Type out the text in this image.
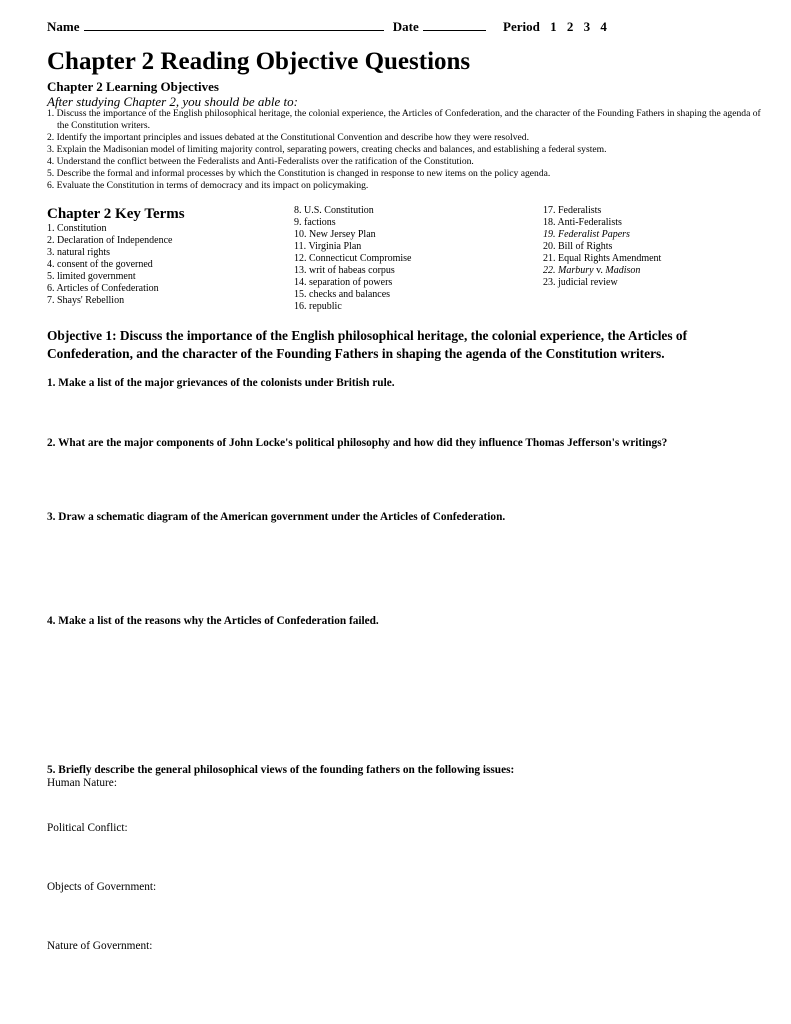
Name	Date	Period 1 2 3 4
Chapter 2 Reading Objective Questions
Chapter 2 Learning Objectives
After studying Chapter 2, you should be able to:
1. Discuss the importance of the English philosophical heritage, the colonial experience, the Articles of Confederation, and the character of the Founding Fathers in shaping the agenda of the Constitution writers.
2. Identify the important principles and issues debated at the Constitutional Convention and describe how they were resolved.
3. Explain the Madisonian model of limiting majority control, separating powers, creating checks and balances, and establishing a federal system.
4. Understand the conflict between the Federalists and Anti-Federalists over the ratification of the Constitution.
5. Describe the formal and informal processes by which the Constitution is changed in response to new items on the policy agenda.
6. Evaluate the Constitution in terms of democracy and its impact on policymaking.
Chapter 2 Key Terms
1. Constitution
2. Declaration of Independence
3. natural rights
4. consent of the governed
5. limited government
6. Articles of Confederation
7. Shays' Rebellion
8. U.S. Constitution
9. factions
10. New Jersey Plan
11. Virginia Plan
12. Connecticut Compromise
13. writ of habeas corpus
14. separation of powers
15. checks and balances
16. republic
17. Federalists
18. Anti-Federalists
19. Federalist Papers
20. Bill of Rights
21. Equal Rights Amendment
22. Marbury v. Madison
23. judicial review
Objective 1: Discuss the importance of the English philosophical heritage, the colonial experience, the Articles of Confederation, and the character of the Founding Fathers in shaping the agenda of the Constitution writers.
1. Make a list of the major grievances of the colonists under British rule.
2. What are the major components of John Locke's political philosophy and how did they influence Thomas Jefferson's writings?
3. Draw a schematic diagram of the American government under the Articles of Confederation.
4. Make a list of the reasons why the Articles of Confederation failed.
5. Briefly describe the general philosophical views of the founding fathers on the following issues:
Human Nature:
Political Conflict:
Objects of Government:
Nature of Government:
